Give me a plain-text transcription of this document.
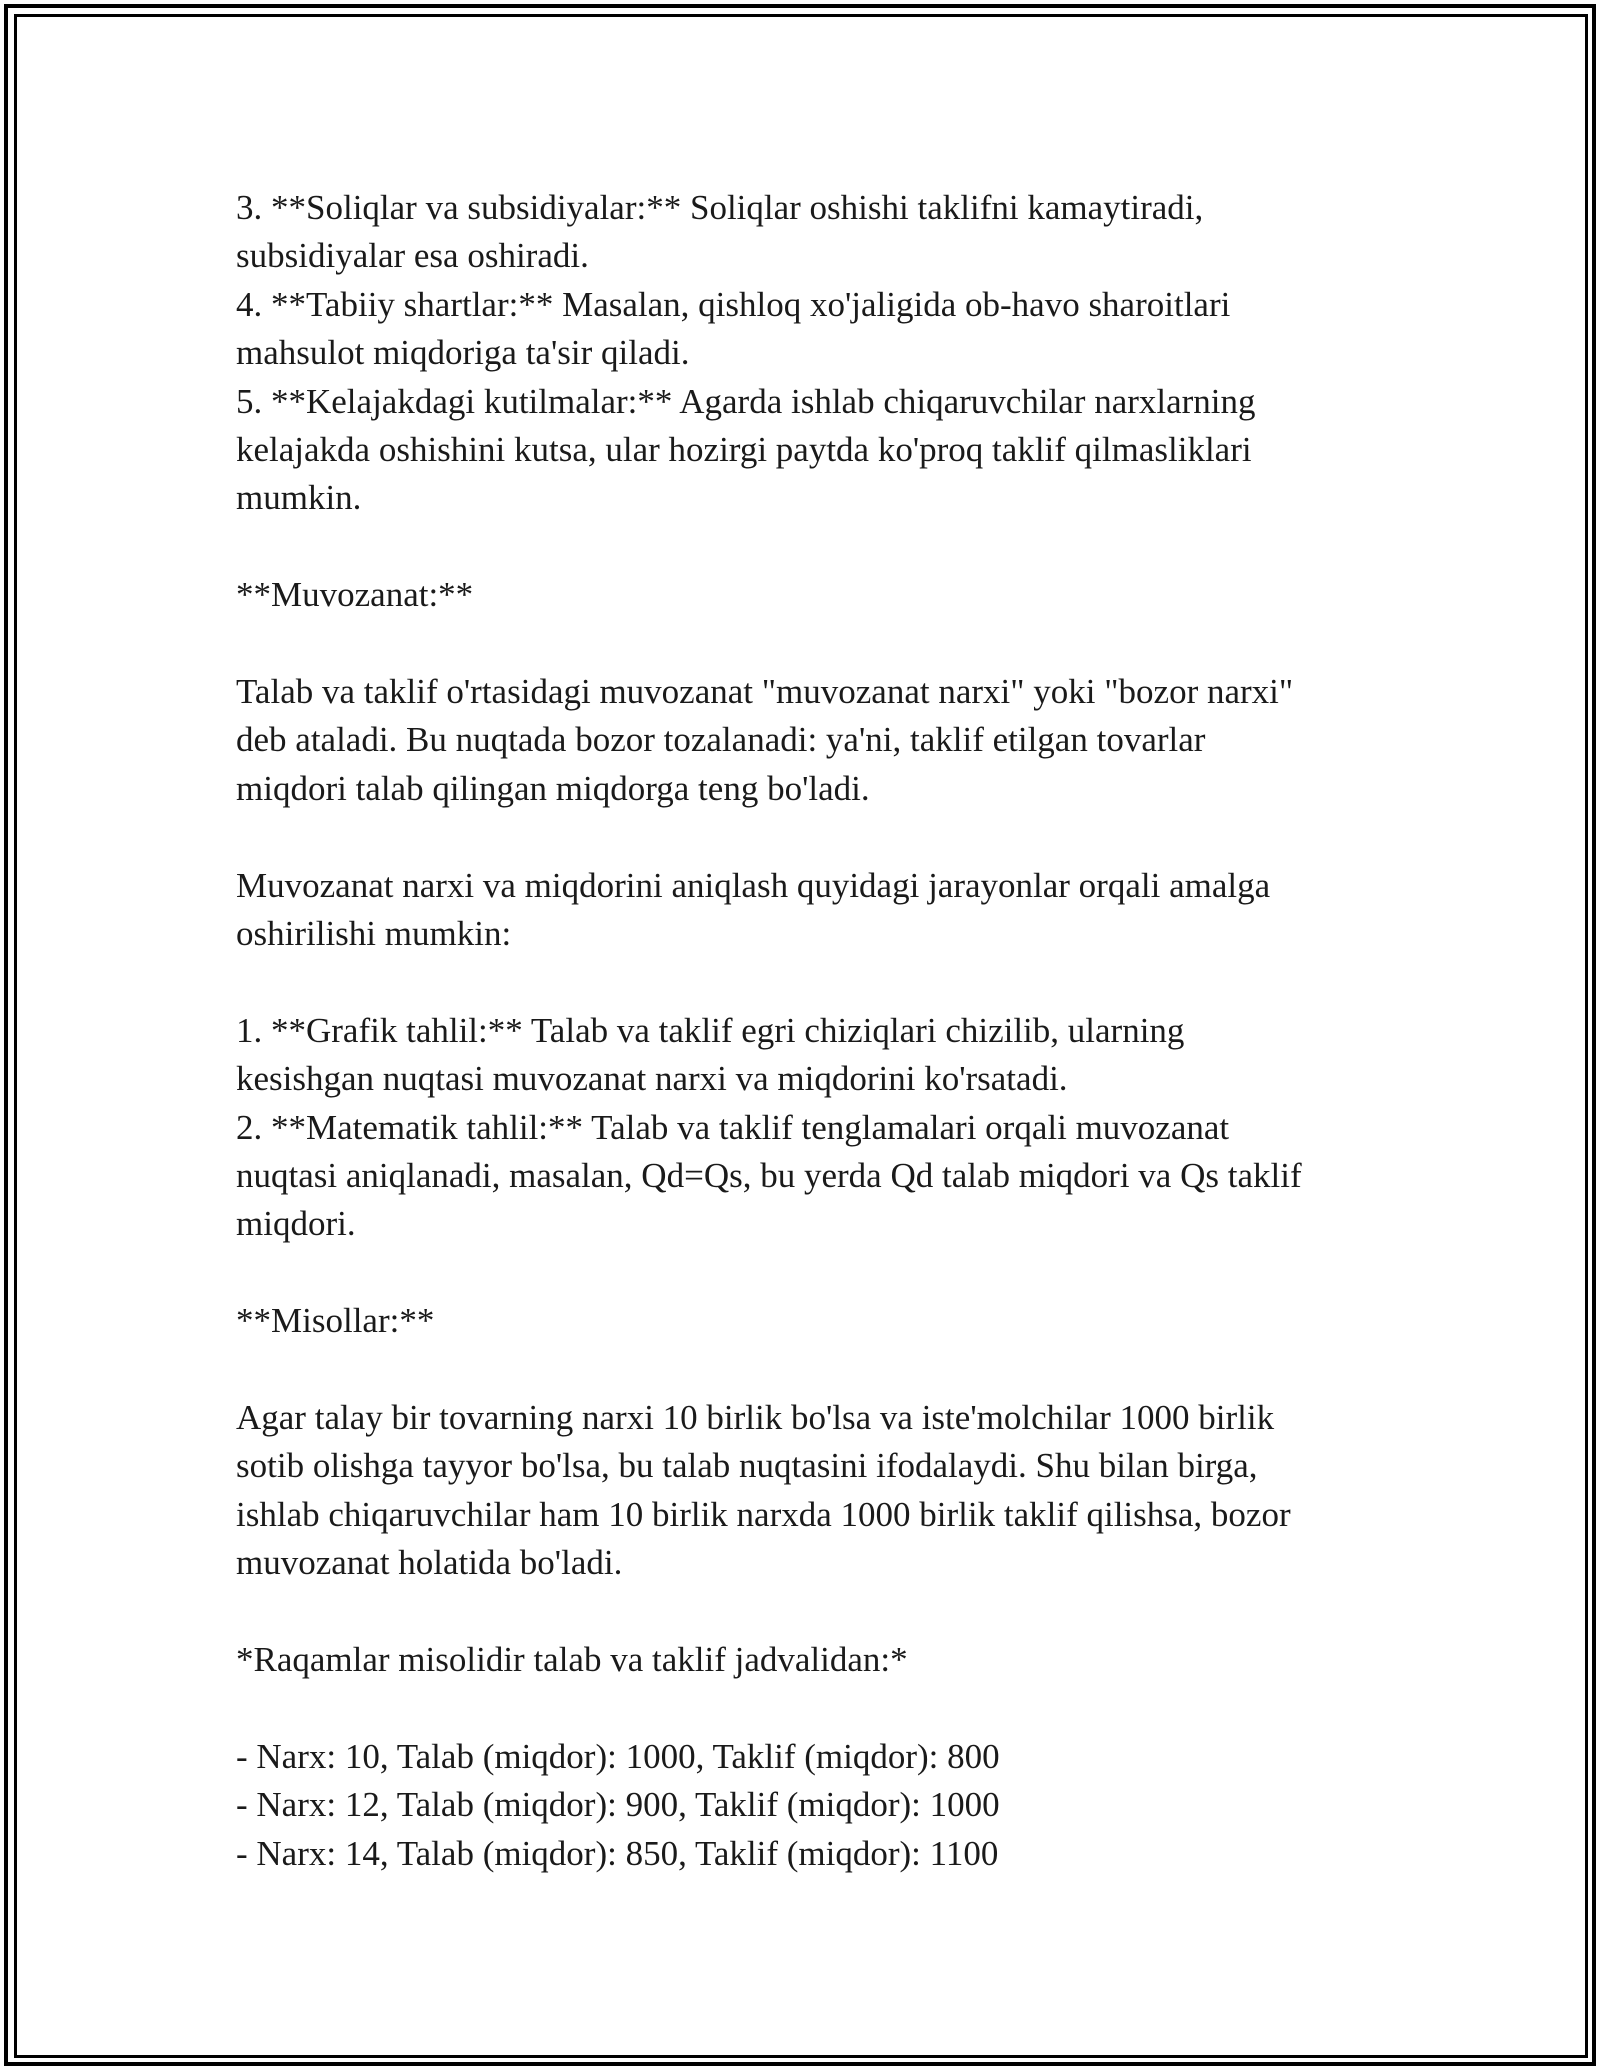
3. **Soliqlar va subsidiyalar:** Soliqlar oshishi taklifni kamaytiradi,
subsidiyalar esa oshiradi.
4. **Tabiiy shartlar:** Masalan, qishloq xo'jaligida ob-havo sharoitlari
mahsulot miqdoriga ta'sir qiladi.
5. **Kelajakdagi kutilmalar:** Agarda ishlab chiqaruvchilar narxlarning
kelajakda oshishini kutsa, ular hozirgi paytda ko'proq taklif qilmasliklari
mumkin.
**Muvozanat:**
Talab va taklif o'rtasidagi muvozanat "muvozanat narxi" yoki "bozor narxi"
deb ataladi. Bu nuqtada bozor tozalanadi: ya'ni, taklif etilgan tovarlar
miqdori talab qilingan miqdorga teng bo'ladi.
Muvozanat narxi va miqdorini aniqlash quyidagi jarayonlar orqali amalga
oshirilishi mumkin:
1. **Grafik tahlil:** Talab va taklif egri chiziqlari chizilib, ularning
kesishgan nuqtasi muvozanat narxi va miqdorini ko'rsatadi.
2. **Matematik tahlil:** Talab va taklif tenglamalari orqali muvozanat
nuqtasi aniqlanadi, masalan, Qd=Qs, bu yerda Qd talab miqdori va Qs taklif
miqdori.
**Misollar:**
Agar talay bir tovarning narxi 10 birlik bo'lsa va iste'molchilar 1000 birlik
sotib olishga tayyor bo'lsa, bu talab nuqtasini ifodalaydi. Shu bilan birga,
ishlab chiqaruvchilar ham 10 birlik narxda 1000 birlik taklif qilishsa, bozor
muvozanat holatida bo'ladi.
*Raqamlar misolidir talab va taklif jadvalidan:*
- Narx: 10, Talab (miqdor): 1000, Taklif (miqdor): 800
- Narx: 12, Talab (miqdor): 900, Taklif (miqdor): 1000
- Narx: 14, Talab (miqdor): 850, Taklif (miqdor): 1100
